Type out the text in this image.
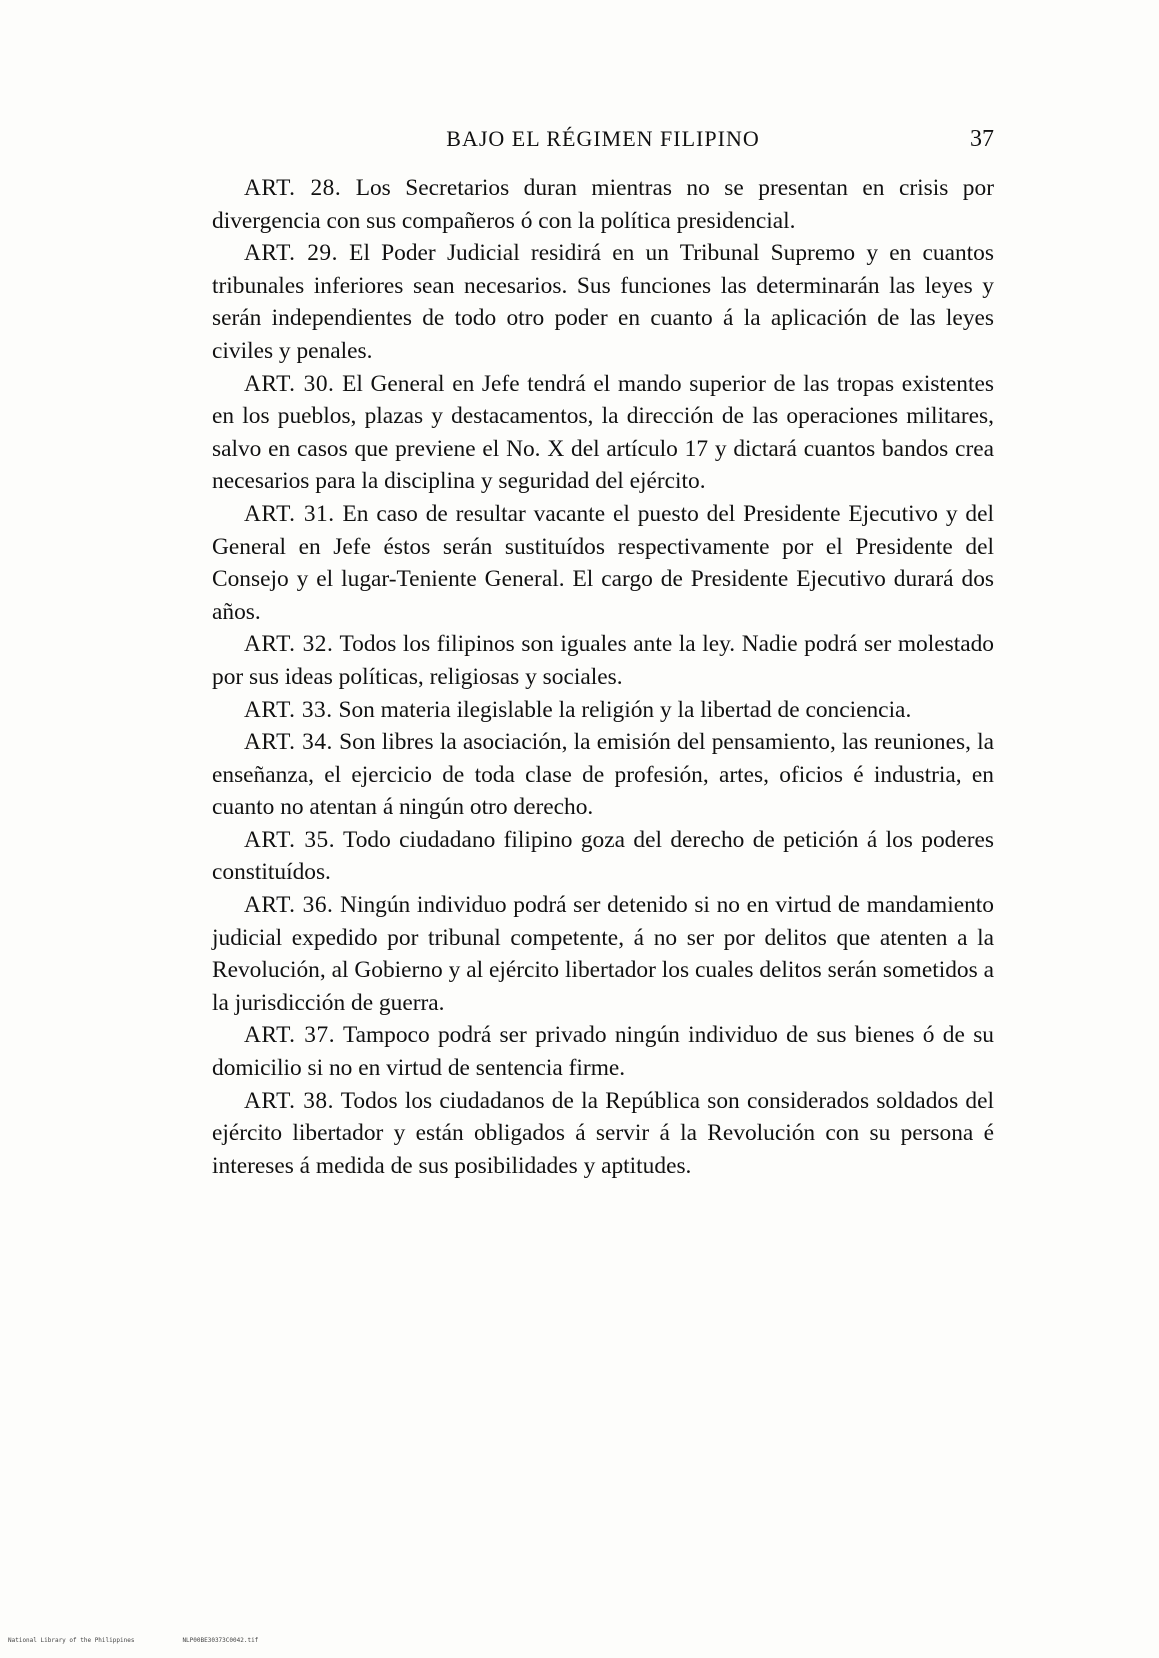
BAJO EL RÉGIMEN FILIPINO	37

ART. 28. Los Secretarios duran mientras no se presentan en crisis por divergencia con sus compañeros ó con la política presidencial.

ART. 29. El Poder Judicial residirá en un Tribunal Supremo y en cuantos tribunales inferiores sean necesarios. Sus funciones las determinarán las leyes y serán independientes de todo otro poder en cuanto á la aplicación de las leyes civiles y penales.

ART. 30. El General en Jefe tendrá el mando superior de las tropas existentes en los pueblos, plazas y destacamentos, la dirección de las operaciones militares, salvo en casos que previene el No. X del artículo 17 y dictará cuantos bandos crea necesarios para la disciplina y seguridad del ejército.

ART. 31. En caso de resultar vacante el puesto del Presidente Ejecutivo y del General en Jefe éstos serán sustituídos respectivamente por el Presidente del Consejo y el lugar-Teniente General. El cargo de Presidente Ejecutivo durará dos años.

ART. 32. Todos los filipinos son iguales ante la ley. Nadie podrá ser molestado por sus ideas políticas, religiosas y sociales.

ART. 33. Son materia ilegislable la religión y la libertad de conciencia.

ART. 34. Son libres la asociación, la emisión del pensamiento, las reuniones, la enseñanza, el ejercicio de toda clase de profesión, artes, oficios é industria, en cuanto no atentan á ningún otro derecho.

ART. 35. Todo ciudadano filipino goza del derecho de petición á los poderes constituídos.

ART. 36. Ningún individuo podrá ser detenido si no en virtud de mandamiento judicial expedido por tribunal competente, á no ser por delitos que atenten a la Revolución, al Gobierno y al ejército libertador los cuales delitos serán sometidos a la jurisdicción de guerra.

ART. 37. Tampoco podrá ser privado ningún individuo de sus bienes ó de su domicilio si no en virtud de sentencia firme.

ART. 38. Todos los ciudadanos de la República son considerados soldados del ejército libertador y están obligados á servir á la Revolución con su persona é intereses á medida de sus posibilidades y aptitudes.

National Library of the Philippines	NLP00BE30373C0042.tif
